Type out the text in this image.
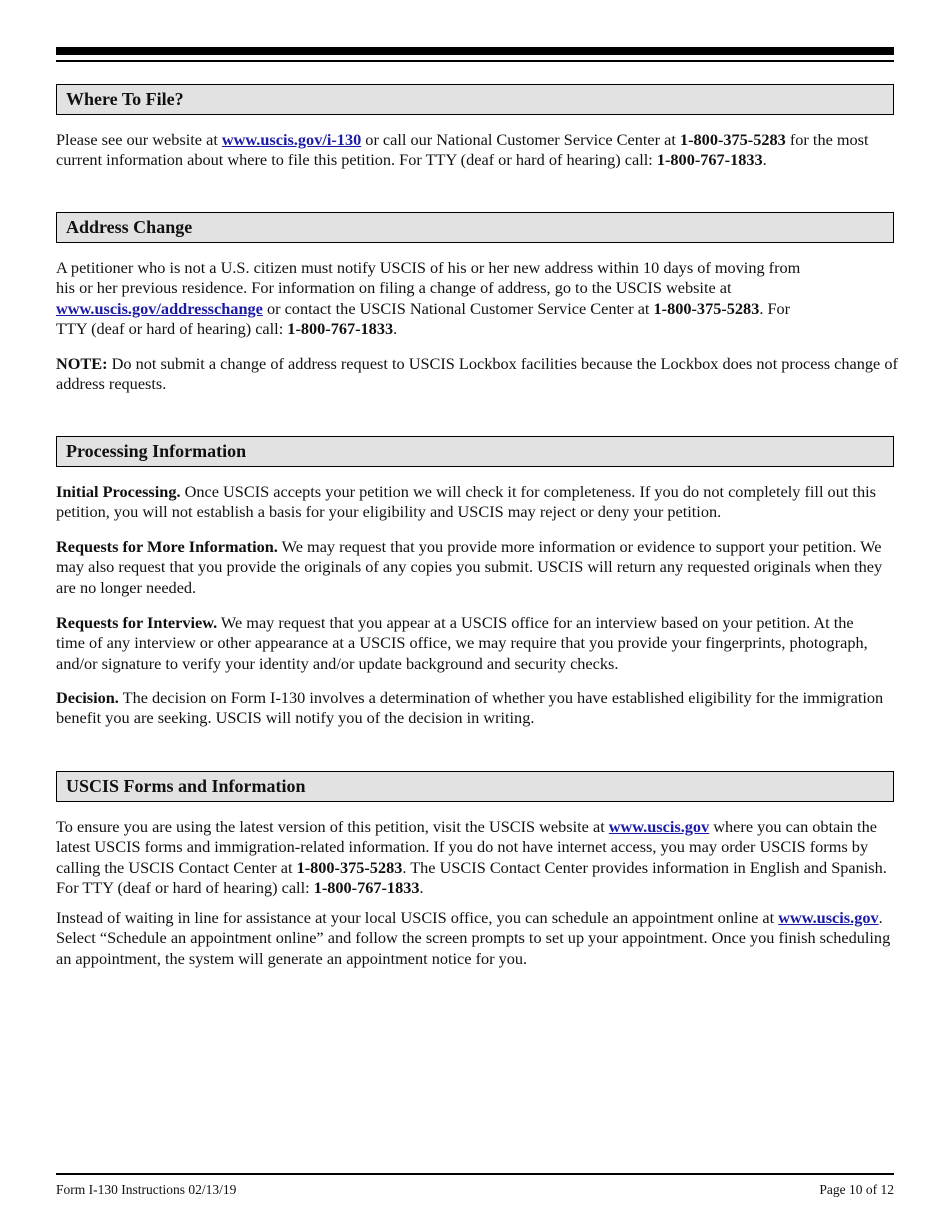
Where To File?

Please see our website at www.uscis.gov/i-130 or call our National Customer Service Center at 1-800-375-5283 for the most current information about where to file this petition. For TTY (deaf or hard of hearing) call: 1-800-767-1833.

Address Change

A petitioner who is not a U.S. citizen must notify USCIS of his or her new address within 10 days of moving from his or her previous residence. For information on filing a change of address, go to the USCIS website at www.uscis.gov/addresschange or contact the USCIS National Customer Service Center at 1-800-375-5283. For TTY (deaf or hard of hearing) call: 1-800-767-1833.

NOTE: Do not submit a change of address request to USCIS Lockbox facilities because the Lockbox does not process change of address requests.

Processing Information

Initial Processing. Once USCIS accepts your petition we will check it for completeness. If you do not completely fill out this petition, you will not establish a basis for your eligibility and USCIS may reject or deny your petition.

Requests for More Information. We may request that you provide more information or evidence to support your petition. We may also request that you provide the originals of any copies you submit. USCIS will return any requested originals when they are no longer needed.

Requests for Interview. We may request that you appear at a USCIS office for an interview based on your petition. At the time of any interview or other appearance at a USCIS office, we may require that you provide your fingerprints, photograph, and/or signature to verify your identity and/or update background and security checks.

Decision. The decision on Form I-130 involves a determination of whether you have established eligibility for the immigration benefit you are seeking. USCIS will notify you of the decision in writing.

USCIS Forms and Information

To ensure you are using the latest version of this petition, visit the USCIS website at www.uscis.gov where you can obtain the latest USCIS forms and immigration-related information. If you do not have internet access, you may order USCIS forms by calling the USCIS Contact Center at 1-800-375-5283. The USCIS Contact Center provides information in English and Spanish. For TTY (deaf or hard of hearing) call: 1-800-767-1833.

Instead of waiting in line for assistance at your local USCIS office, you can schedule an appointment online at www.uscis.gov. Select “Schedule an appointment online” and follow the screen prompts to set up your appointment. Once you finish scheduling an appointment, the system will generate an appointment notice for you.

Form I-130 Instructions 02/13/19	Page 10 of 12
